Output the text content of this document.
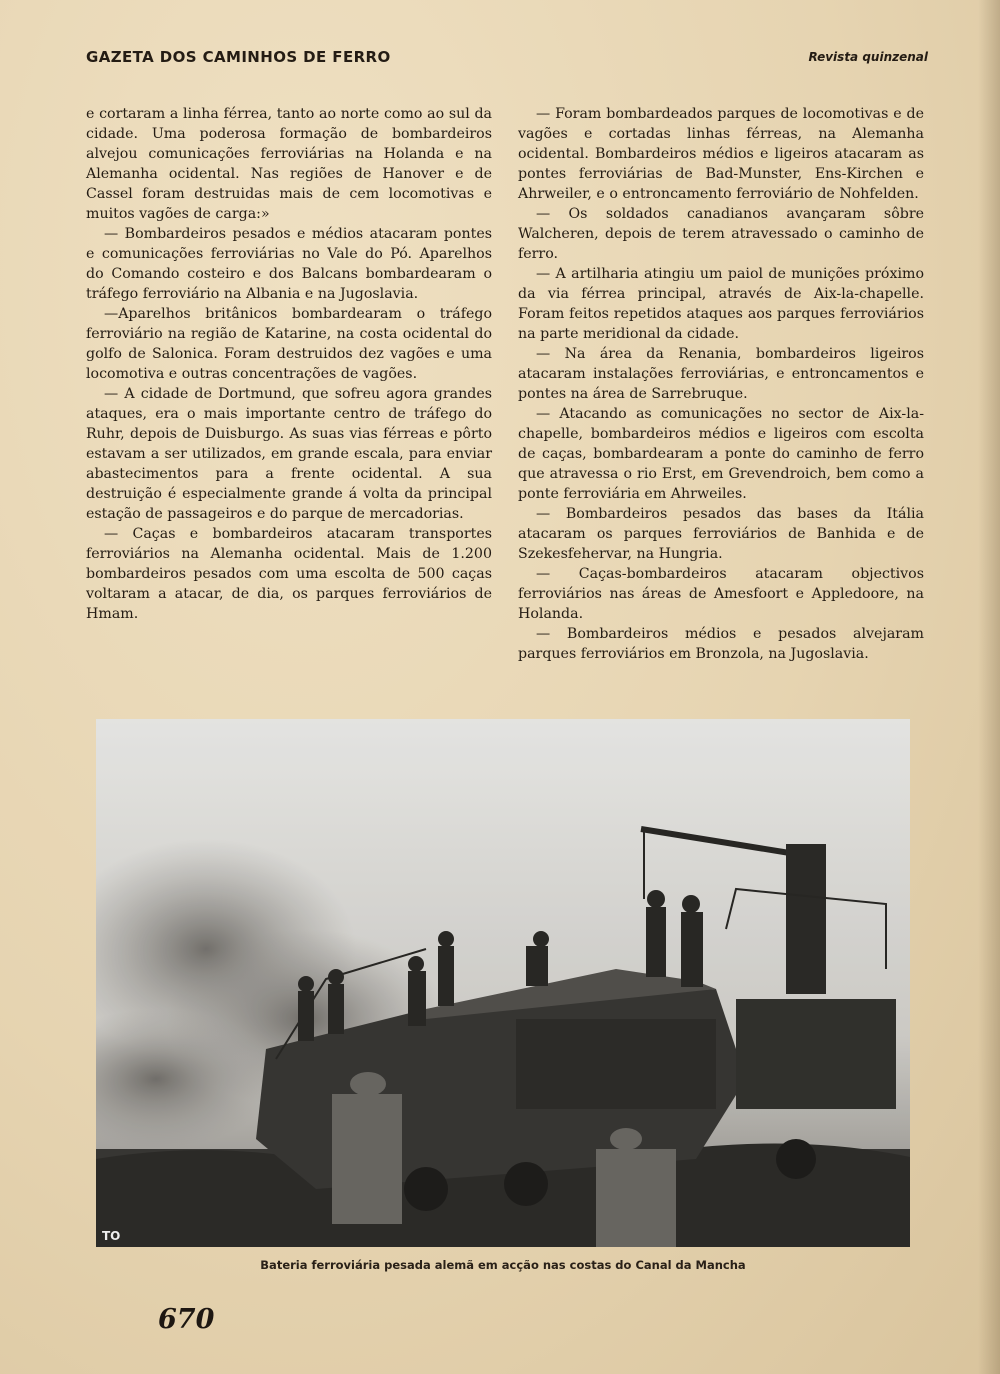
GAZETA DOS CAMINHOS DE FERRO	Revista quinzenal

e cortaram a linha férrea, tanto ao norte como ao sul da cidade. Uma poderosa formação de bombardeiros alvejou comunicações ferroviárias na Holanda e na Alemanha ocidental. Nas regiões de Hanover e de Cassel foram destruidas mais de cem locomotivas e muitos vagões de carga:»

— Bombardeiros pesados e médios atacaram pontes e comunicações ferroviárias no Vale do Pó. Aparelhos do Comando costeiro e dos Balcans bombardearam o tráfego ferroviário na Albania e na Jugoslavia.

—Aparelhos britânicos bombardearam o tráfego ferroviário na região de Katarine, na costa ocidental do golfo de Salonica. Foram destruidos dez vagões e uma locomotiva e outras concentrações de vagões.

— A cidade de Dortmund, que sofreu agora grandes ataques, era o mais importante centro de tráfego do Ruhr, depois de Duisburgo. As suas vias férreas e pôrto estavam a ser utilizados, em grande escala, para enviar abastecimentos para a frente ocidental. A sua destruição é especialmente grande á volta da principal estação de passageiros e do parque de mercadorias.

— Caças e bombardeiros atacaram transportes ferroviários na Alemanha ocidental. Mais de 1.200 bombardeiros pesados com uma escolta de 500 caças voltaram a atacar, de dia, os parques ferroviários de Hmam.

— Foram bombardeados parques de locomotivas e de vagões e cortadas linhas férreas, na Alemanha ocidental. Bombardeiros médios e ligeiros atacaram as pontes ferroviárias de Bad-Munster, Ens-Kirchen e Ahrweiler, e o entroncamento ferroviário de Nohfelden.

— Os soldados canadianos avançaram sôbre Walcheren, depois de terem atravessado o caminho de ferro.

— A artilharia atingiu um paiol de munições próximo da via férrea principal, através de Aix-la-chapelle. Foram feitos repetidos ataques aos parques ferroviários na parte meridional da cidade.

— Na área da Renania, bombardeiros ligeiros atacaram instalações ferroviárias, e entroncamentos e pontes na área de Sarrebruque.

— Atacando as comunicações no sector de Aix-la-chapelle, bombardeiros médios e ligeiros com escolta de caças, bombardearam a ponte do caminho de ferro que atravessa o rio Erst, em Grevendroich, bem como a ponte ferroviária em Ahrweiles.

— Bombardeiros pesados das bases da Itália atacaram os parques ferroviários de Banhida e de Szekesfehervar, na Hungria.

— Caças-bombardeiros atacaram objectivos ferroviários nas áreas de Amesfoort e Appledoore, na Holanda.

— Bombardeiros médios e pesados alvejaram parques ferroviários em Bronzola, na Jugoslavia.

TO
Bateria ferroviária pesada alemã em acção nas costas do Canal da Mancha
670
